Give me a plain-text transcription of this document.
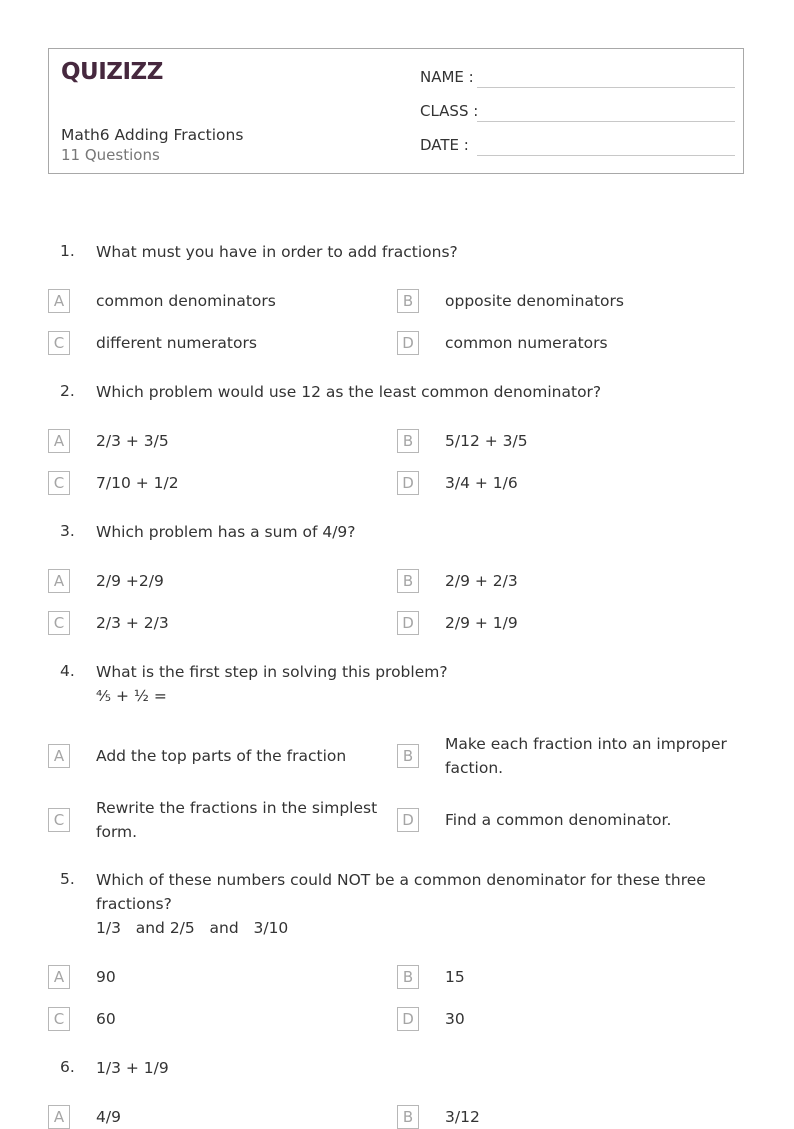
QUIZIZZ
Math6 Adding Fractions
11 Questions
NAME :
CLASS :
DATE :
1. What must you have in order to add fractions?
A	common denominators	B	opposite denominators
C	different numerators	D	common numerators
2. Which problem would use 12 as the least common denominator?
A	2/3 + 3/5	B	5/12 + 3/5
C	7/10 + 1/2	D	3/4 + 1/6
3. Which problem has a sum of 4/9?
A	2/9 +2/9	B	2/9 + 2/3
C	2/3 + 2/3	D	2/9 + 1/9
4. What is the first step in solving this problem?
⅘ + ½ =
A	Add the top parts of the fraction	B
Make each fraction into an improper faction.
C
Rewrite the fractions in the simplest form.
D	Find a common denominator.
5. Which of these numbers could NOT be a common denominator for these three fractions?
1/3   and 2/5   and   3/10
A	90	B	15
C	60	D	30
6. 1/3 + 1/9
A	4/9	B	3/12
